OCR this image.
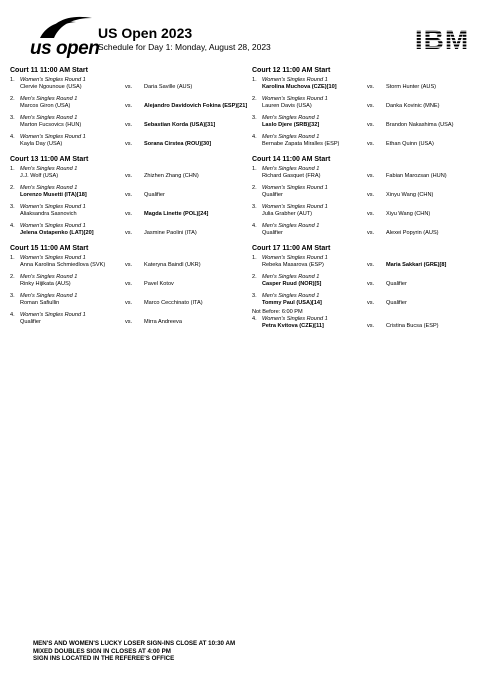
us open
US Open 2023
Schedule for Day 1: Monday, August 28, 2023	IBM
Court 11 11:00 AM Start
1. Women's Singles Round 1
Clervie Ngounoue (USA)	vs. Daria Saville (AUS)
2. Men's Singles Round 1
Marcos Giron (USA)	vs. Alejandro Davidovich Fokina (ESP)[21]
3. Men's Singles Round 1
Marton Fucsovics (HUN)	vs. Sebastian Korda (USA)[31]
4. Women's Singles Round 1
Kayla Day (USA)	vs. Sorana Cirstea (ROU)[30]
Court 12 11:00 AM Start
1. Women's Singles Round 1
Karolina Muchova (CZE)[10]	vs. Storm Hunter (AUS)
2. Women's Singles Round 1
Lauren Davis (USA)	vs. Danka Kovinic (MNE)
3. Men's Singles Round 1
Laslo Djere (SRB)[32]	vs. Brandon Nakashima (USA)
4. Men's Singles Round 1
Bernabe Zapata Miralles (ESP)	vs. Ethan Quinn (USA)
Court 13 11:00 AM Start
1. Men's Singles Round 1
J.J. Wolf (USA)	vs. Zhizhen Zhang (CHN)
2. Men's Singles Round 1
Lorenzo Musetti (ITA)[18]	vs. Qualifier
3. Women's Singles Round 1
Aliaksandra Sasnovich	vs. Magda Linette (POL)[24]
4. Women's Singles Round 1
Jelena Ostapenko (LAT)[20]	vs. Jasmine Paolini (ITA)
Court 14 11:00 AM Start
1. Men's Singles Round 1
Richard Gasquet (FRA)	vs. Fabian Marozsan (HUN)
2. Women's Singles Round 1
Qualifier	vs. Xinyu Wang (CHN)
3. Women's Singles Round 1
Julia Grabher (AUT)	vs. Xiyu Wang (CHN)
4. Men's Singles Round 1
Qualifier	vs. Alexei Popyrin (AUS)
Court 15 11:00 AM Start
1. Women's Singles Round 1
Anna Karolina Schmiedlova (SVK)	vs. Kateryna Baindl (UKR)
2. Men's Singles Round 1
Rinky Hijikata (AUS)	vs. Pavel Kotov
3. Men's Singles Round 1
Roman Safiullin	vs. Marco Cecchinato (ITA)
4. Women's Singles Round 1
Qualifier	vs. Mirra Andreeva
Court 17 11:00 AM Start
1. Women's Singles Round 1
Rebeka Masarova (ESP)	vs. Maria Sakkari (GRE)[8]
2. Men's Singles Round 1
Casper Ruud (NOR)[5]	vs. Qualifier
3. Men's Singles Round 1
Tommy Paul (USA)[14]	vs. Qualifier
Not Before: 6:00 PM
4. Women's Singles Round 1
Petra Kvitova (CZE)[11]	vs. Cristina Bucsa (ESP)
MEN'S AND WOMEN'S LUCKY LOSER SIGN-INS CLOSE AT 10:30 AM
MIXED DOUBLES SIGN IN CLOSES AT 4:00 PM
SIGN INS LOCATED IN THE REFEREE'S OFFICE
